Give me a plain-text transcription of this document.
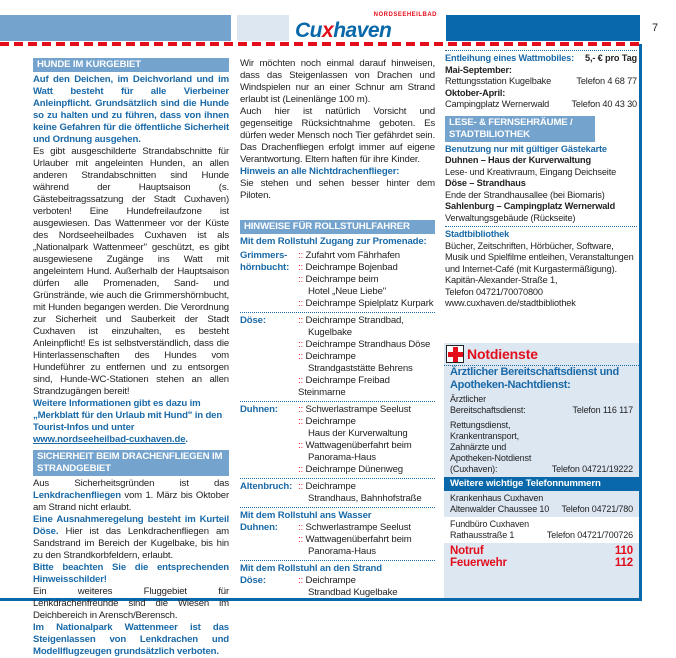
NORDSEEHEILBAD
Cuxhaven	7
HUNDE IM KURGEBIET

Auf den Deichen, im Deichvorland und im Watt besteht für alle Vierbeiner Anleinpflicht. Grundsätzlich sind die Hunde so zu halten und zu führen, dass von ihnen keine Gefahren für die öffentliche Sicherheit und Ordnung ausgehen.

Es gibt ausgeschilderte Strandabschnitte für Urlauber mit angeleinten Hunden, an allen anderen Strandabschnitten sind Hunde während der Hauptsaison (s. Gästebeitragssatzung der Stadt Cuxhaven) verboten! Eine Hundefreilaufzone ist ausgewiesen. Das Wattenmeer vor der Küste des Nordseeheilbades Cuxhaven ist als „Nationalpark Wattenmeer" geschützt, es gibt ausgewiesene Zugänge ins Watt mit angeleintem Hund. Außerhalb der Hauptsaison dürfen alle Promenaden, Sand- und Grünstrände, wie auch die Grimmershörnbucht, mit Hunden begangen werden. Die Verordnung zur Sicherheit und Sauberkeit der Stadt Cuxhaven ist einzuhalten, es besteht Anleinpflicht! Es ist selbstverständlich, dass die Hinterlassenschaften des Hundes vom Hundeführer zu entfernen und zu entsorgen sind, Hunde-WC-Stationen stehen an allen Strandzugängen bereit!

Weitere Informationen gibt es dazu im „Merkblatt für den Urlaub mit Hund" in den Tourist-Infos und unter www.nordseeheilbad-cuxhaven.de.

SICHERHEIT BEIM DRACHENFLIEGEN IM STRANDGEBIET

Aus Sicherheitsgründen ist das Lenkdrachenfliegen vom 1. März bis Oktober am Strand nicht erlaubt.

Eine Ausnahmeregelung besteht im Kurteil Döse. Hier ist das Lenkdrachenfliegen am Sandstrand im Bereich der Kugelbake, bis hin zu den Strandkorbfeldern, erlaubt.

Bitte beachten Sie die entsprechenden Hinweisschilder!

Ein weiteres Fluggebiet für Lenkdrachenfreunde sind die Wiesen im Deichbereich in Arensch/Berensch.

Im Nationalpark Wattenmeer ist das Steigenlassen von Lenkdrachen und Modellflugzeugen grundsätzlich verboten.

Wir möchten noch einmal darauf hinweisen, dass das Steigenlassen von Drachen und Windspielen nur an einer Schnur am Strand erlaubt ist (Leinenlänge 100 m).

Auch hier ist natürlich Vorsicht und gegenseitige Rücksichtnahme geboten. Es dürfen weder Mensch noch Tier gefährdet sein. Das Drachenfliegen erfolgt immer auf eigene Verantwortung. Eltern haften für ihre Kinder.

Hinweis an alle Nichtdrachenflieger:

Sie stehen und sehen besser hinter dem Piloten.

HINWEISE FÜR ROLLSTUHLFAHRER

Mit dem Rollstuhl Zugang zur Promenade:

Grimmers-hörnbucht:
:: Zufahrt vom Fährhafen
:: Deichrampe Bojenbad
:: Deichrampe beim
Hotel „Neue Liebe"
:: Deichrampe Spielplatz Kurpark
Döse:	:: Deichrampe Strandbad,
Kugelbake
:: Deichrampe Strandhaus Döse
:: Deichrampe
Strandgaststätte Behrens
:: Deichrampe Freibad Steinmarne
Duhnen:	:: Schwerlastrampe Seelust
:: Deichrampe
Haus der Kurverwaltung
:: Wattwagenüberfahrt beim
Panorama-Haus
:: Deichrampe Dünenweg
Altenbruch:	:: Deichrampe
Strandhaus, Bahnhofstraße

Mit dem Rollstuhl ans Wasser

Duhnen:	:: Schwerlastrampe Seelust
:: Wattwagenüberfahrt beim
Panorama-Haus

Mit dem Rollstuhl an den Strand

Döse:	:: Deichrampe
Strandbad Kugelbake
Entleihung eines Wattmobiles: 5,- € pro Tag
Mai-September:
Rettungsstation Kugelbake	Telefon 4 68 77
Oktober-April:
Campingplatz Wernerwald Telefon 40 43 30
LESE- & FERNSEHRÄUME / STADTBILIOTHEK

Benutzung nur mit gültiger Gästekarte

Duhnen – Haus der Kurverwaltung
Lese- und Kreativraum, Eingang Deichseite
Döse – Strandhaus
Ende der Strandhausallee (bei Biomaris)
Sahlenburg – Campingplatz Wernerwald
Verwaltungsgebäude (Rückseite)
Stadtbibliothek
Bücher, Zeitschriften, Hörbücher, Software, Musik und Spielfilme entleihen, Veranstaltungen und Internet-Café (mit Kurgastermäßigung).
Kapitän-Alexander-Straße 1,
Telefon 04721/70070800
www.cuxhaven.de/stadtbibliothek
Notdienste
Ärztlicher Bereitschaftsdienst und Apotheken-Nachtdienst:
Ärztlicher
Bereitschaftsdienst:	Telefon 116 117
Rettungsdienst,
Krankentransport,
Zahnärzte und
Apotheken-Notdienst
(Cuxhaven):	Telefon 04721/19222
Weitere wichtige Telefonnummern
Krankenhaus Cuxhaven
Altenwalder Chaussee 10 Telefon 04721/780
Fundbüro Cuxhaven
Rathausstraße 1	Telefon 04721/700726
Notruf	110
Feuerwehr	112
